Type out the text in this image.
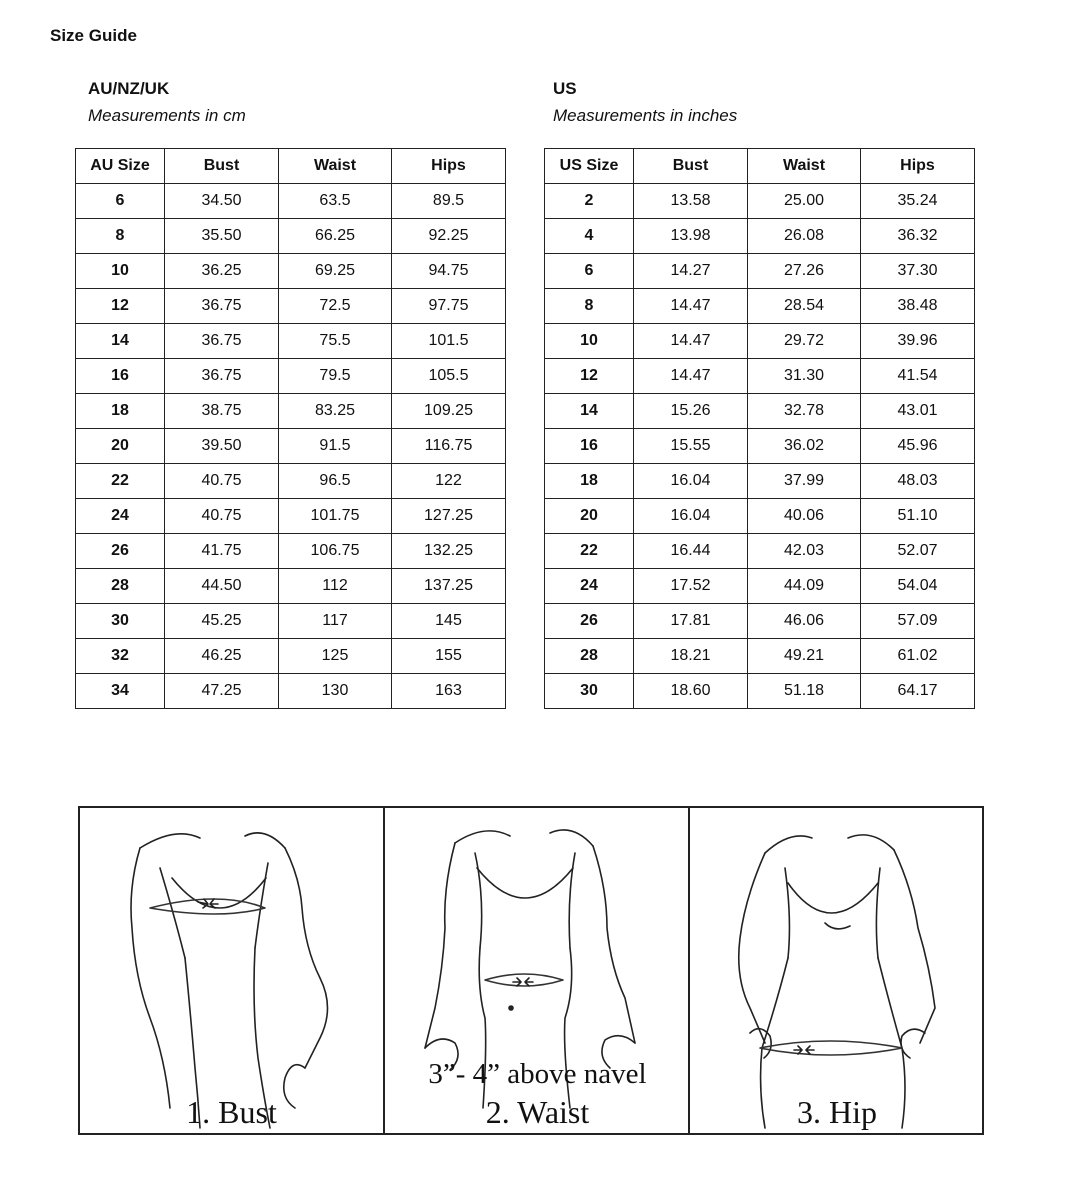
Size Guide
AU/NZ/UK
Measurements in cm
AU Size	Bust	Waist	Hips
6	34.50	63.5	89.5
8	35.50	66.25	92.25
10	36.25	69.25	94.75
12	36.75	72.5	97.75
14	36.75	75.5	101.5
16	36.75	79.5	105.5
18	38.75	83.25	109.25
20	39.50	91.5	116.75
22	40.75	96.5	122
24	40.75	101.75	127.25
26	41.75	106.75	132.25
28	44.50	112	137.25
30	45.25	117	145
32	46.25	125	155
34	47.25	130	163
US
Measurements in inches
US Size	Bust	Waist	Hips
2	13.58	25.00	35.24
4	13.98	26.08	36.32
6	14.27	27.26	37.30
8	14.47	28.54	38.48
10	14.47	29.72	39.96
12	14.47	31.30	41.54
14	15.26	32.78	43.01
16	15.55	36.02	45.96
18	16.04	37.99	48.03
20	16.04	40.06	51.10
22	16.44	42.03	52.07
24	17.52	44.09	54.04
26	17.81	46.06	57.09
28	18.21	49.21	61.02
30	18.60	51.18	64.17
1. Bust
3”- 4” above navel
2. Waist	3. Hip
